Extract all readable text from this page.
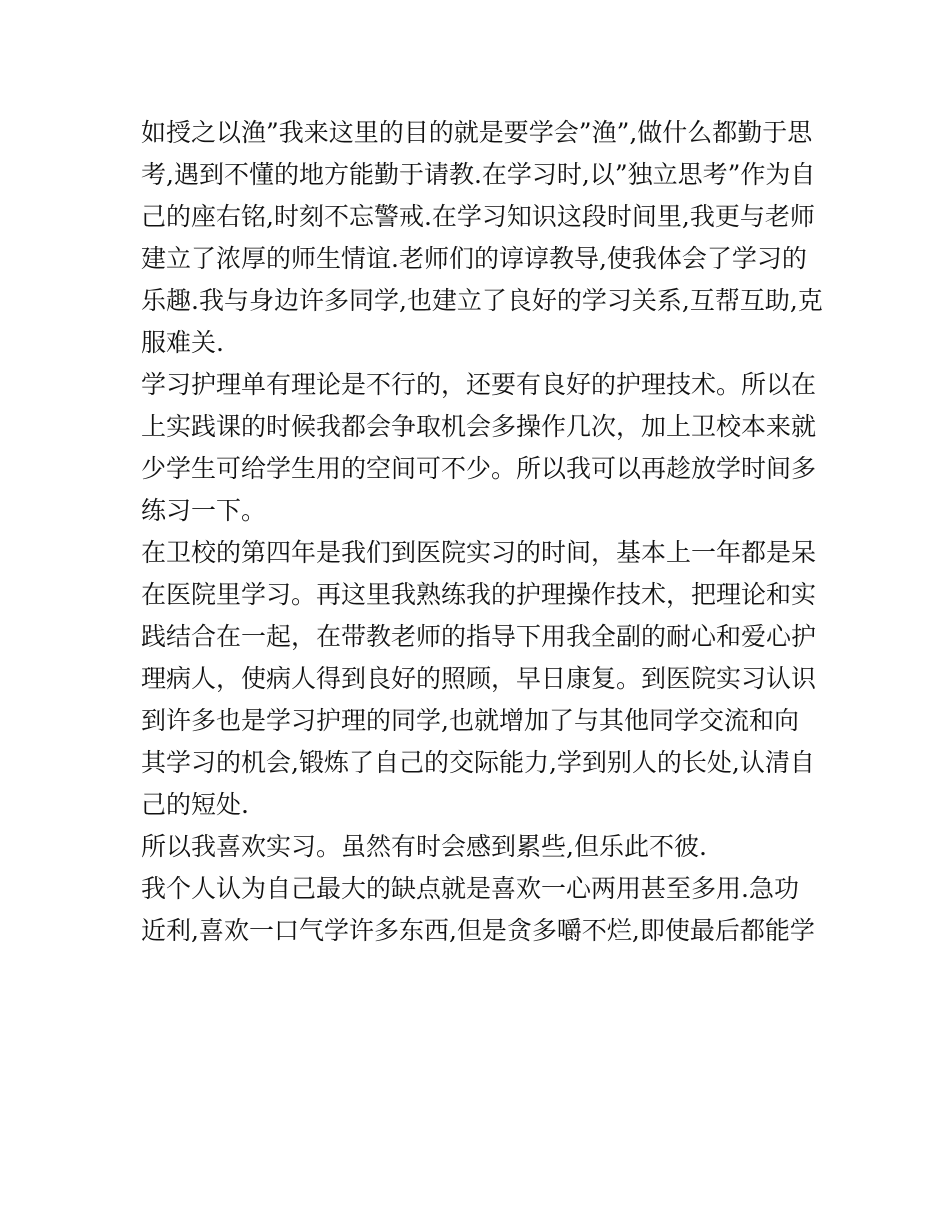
如授之以渔”我来这里的目的就是要学会”渔”,做什么都勤于思
考,遇到不懂的地方能勤于请教.在学习时,以”独立思考”作为自
己的座右铭,时刻不忘警戒.在学习知识这段时间里,我更与老师
建立了浓厚的师生情谊.老师们的谆谆教导,使我体会了学习的
乐趣.我与身边许多同学,也建立了良好的学习关系,互帮互助,克
服难关.
学习护理单有理论是不行的，还要有良好的护理技术。所以在
上实践课的时候我都会争取机会多操作几次，加上卫校本来就
少学生可给学生用的空间可不少。所以我可以再趁放学时间多
练习一下。
在卫校的第四年是我们到医院实习的时间，基本上一年都是呆
在医院里学习。再这里我熟练我的护理操作技术，把理论和实
践结合在一起，在带教老师的指导下用我全副的耐心和爱心护
理病人，使病人得到良好的照顾，早日康复。到医院实习认识
到许多也是学习护理的同学,也就增加了与其他同学交流和向
其学习的机会,锻炼了自己的交际能力,学到别人的长处,认清自
己的短处.
所以我喜欢实习。虽然有时会感到累些,但乐此不彼.
我个人认为自己最大的缺点就是喜欢一心两用甚至多用.急功
近利,喜欢一口气学许多东西,但是贪多嚼不烂,即使最后都能学
